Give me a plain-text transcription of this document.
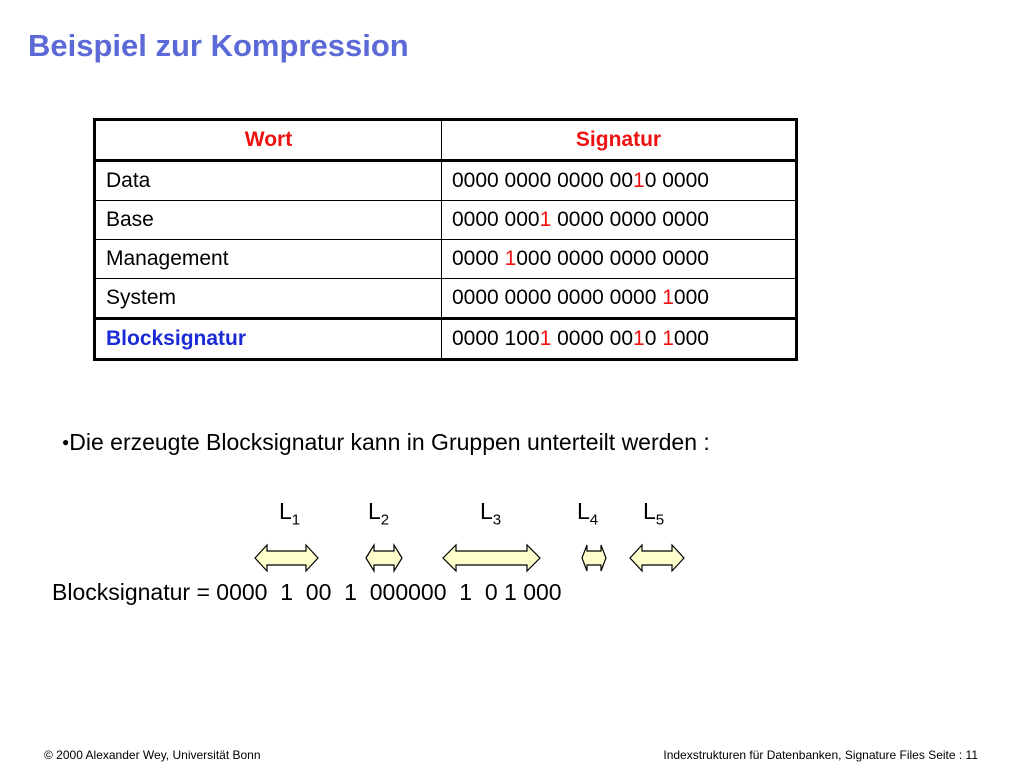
Beispiel zur Kompression
Wort	Signatur
Data	0000 0000 0000 0010 0000
Base	0000 0001 0000 0000 0000
Management	0000 1000 0000 0000 0000
System	0000 0000 0000 0000 1000
Blocksignatur	0000 1001 0000 0010 1000
●Die erzeugte Blocksignatur kann in Gruppen unterteilt werden :
$L_1$	$L_2$	$L_3$	$L_4$ $L_5$
Blocksignatur = 0000  1  00  1  000000  1  0 1 000
© 2000 Alexander Wey, Universität Bonn	Indexstrukturen für Datenbanken, Signature Files Seite : 11
